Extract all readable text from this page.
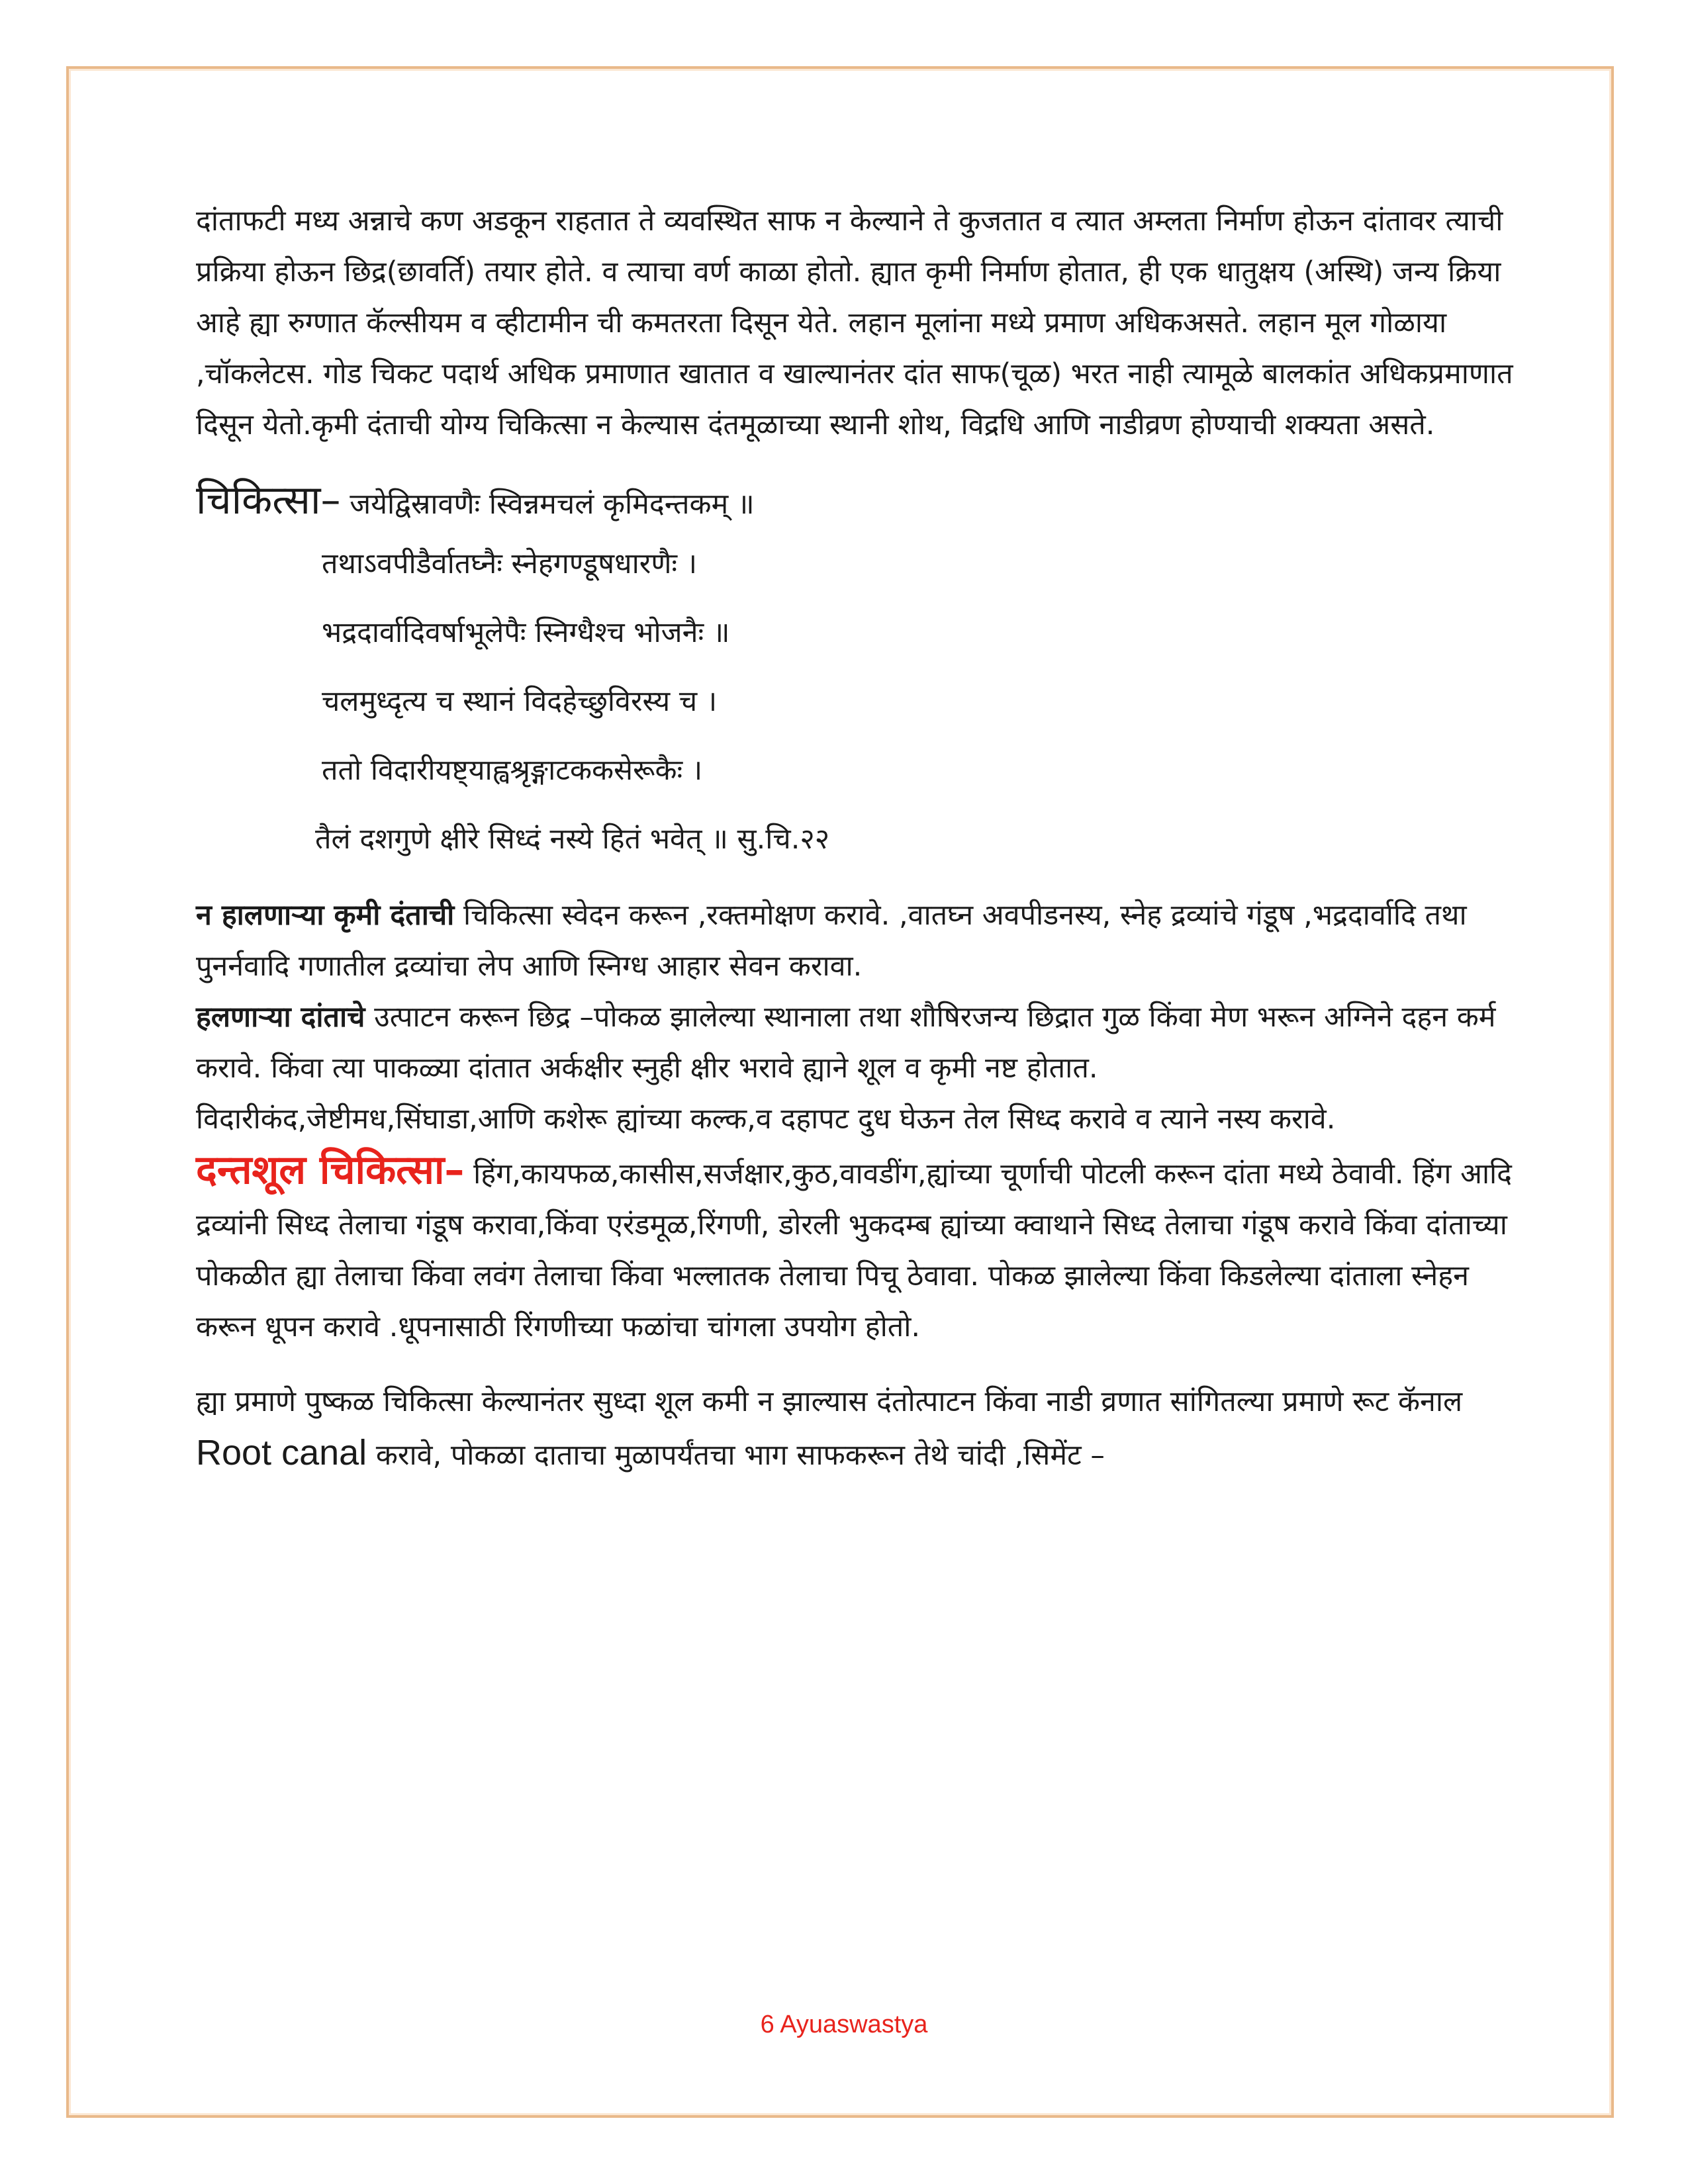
दांताफटी मध्य अन्नाचे कण अडकून राहतात ते व्यवस्थित साफ न केल्याने ते कुजतात व त्यात अम्लता निर्माण होऊन दांतावर त्याची प्रक्रिया होऊन छिद्र(छावर्ति) तयार होते. व त्याचा वर्ण काळा होतो. ह्यात कृमी निर्माण होतात, ही एक धातुक्षय (अस्थि) जन्य क्रिया आहे ह्या रुग्णात कॅल्सीयम व व्हीटामीन ची कमतरता दिसून येते. लहान मूलांना मध्ये प्रमाण अधिकअसते. लहान मूल गोळाया ,चॉकलेटस. गोड चिकट पदार्थ अधिक प्रमाणात खातात व खाल्यानंतर दांत साफ(चूळ) भरत नाही त्यामूळे बालकांत अधिकप्रमाणात दिसून येतो.कृमी दंताची योग्य चिकित्सा न केल्यास दंतमूळाच्या स्थानी शोथ, विद्रधि आणि नाडीव्रण होण्याची शक्यता असते.

चिकित्सा– जयेद्विस्रावणैः स्विन्नमचलं कृमिदन्तकम् ॥

तथाऽवपीडैर्वातघ्नैः स्नेहगण्डूषधारणैः ।

भद्रदार्वादिवर्षाभूलेपैः स्निग्धैश्च भोजनैः ॥

चलमुध्दृत्य च स्थानं विदहेच्छुविरस्य च ।

ततो विदारीयष्ट्याह्वश्रृङ्गाटककसेरूकैः ।

तैलं दशगुणे क्षीरे सिध्दं नस्ये हितं भवेत् ॥ सु.चि.२२

न हालणाऱ्या कृमी दंताची चिकित्सा स्वेदन करून ,रक्तमोक्षण करावे. ,वातघ्न अवपीडनस्य, स्नेह द्रव्यांचे गंडूष ,भद्रदार्वादि तथा पुनर्नवादि गणातील द्रव्यांचा लेप आणि स्निग्ध आहार सेवन करावा.

हलणाऱ्या दांताचे उत्पाटन करून छिद्र –पोकळ झालेल्या स्थानाला तथा शौषिरजन्य छिद्रात गुळ किंवा मेण भरून अग्निने दहन कर्म करावे. किंवा त्या पाकळ्या दांतात अर्कक्षीर स्नुही क्षीर भरावे ह्याने शूल व कृमी नष्ट होतात.

विदारीकंद,जेष्टीमध,सिंघाडा,आणि कशेरू ह्यांच्या कल्क,व दहापट दुध घेऊन तेल सिध्द करावे व त्याने नस्य करावे.

दन्तशूल चिकित्सा– हिंग,कायफळ,कासीस,सर्जक्षार,कुठ,वावडींग,ह्यांच्या चूर्णाची पोटली करून दांता मध्ये ठेवावी. हिंग आदि द्रव्यांनी सिध्द तेलाचा गंडूष करावा,किंवा एरंडमूळ,रिंगणी, डोरली भुकदम्ब ह्यांच्या क्वाथाने सिध्द तेलाचा गंडूष करावे किंवा दांताच्या पोकळीत ह्या तेलाचा किंवा लवंग तेलाचा किंवा भल्लातक तेलाचा पिचू ठेवावा. पोकळ झालेल्या किंवा किडलेल्या दांताला स्नेहन करून धूपन करावे .धूपनासाठी रिंगणीच्या फळांचा चांगला उपयोग होतो.

ह्या प्रमाणे पुष्कळ चिकित्सा केल्यानंतर सुध्दा शूल कमी न झाल्यास दंतोत्पाटन किंवा नाडी व्रणात सांगितल्या प्रमाणे रूट कॅनाल Root canal करावे, पोकळा दाताचा मुळापर्यंतचा भाग साफकरून तेथे चांदी ,सिमेंट –

6 Ayuaswastya
